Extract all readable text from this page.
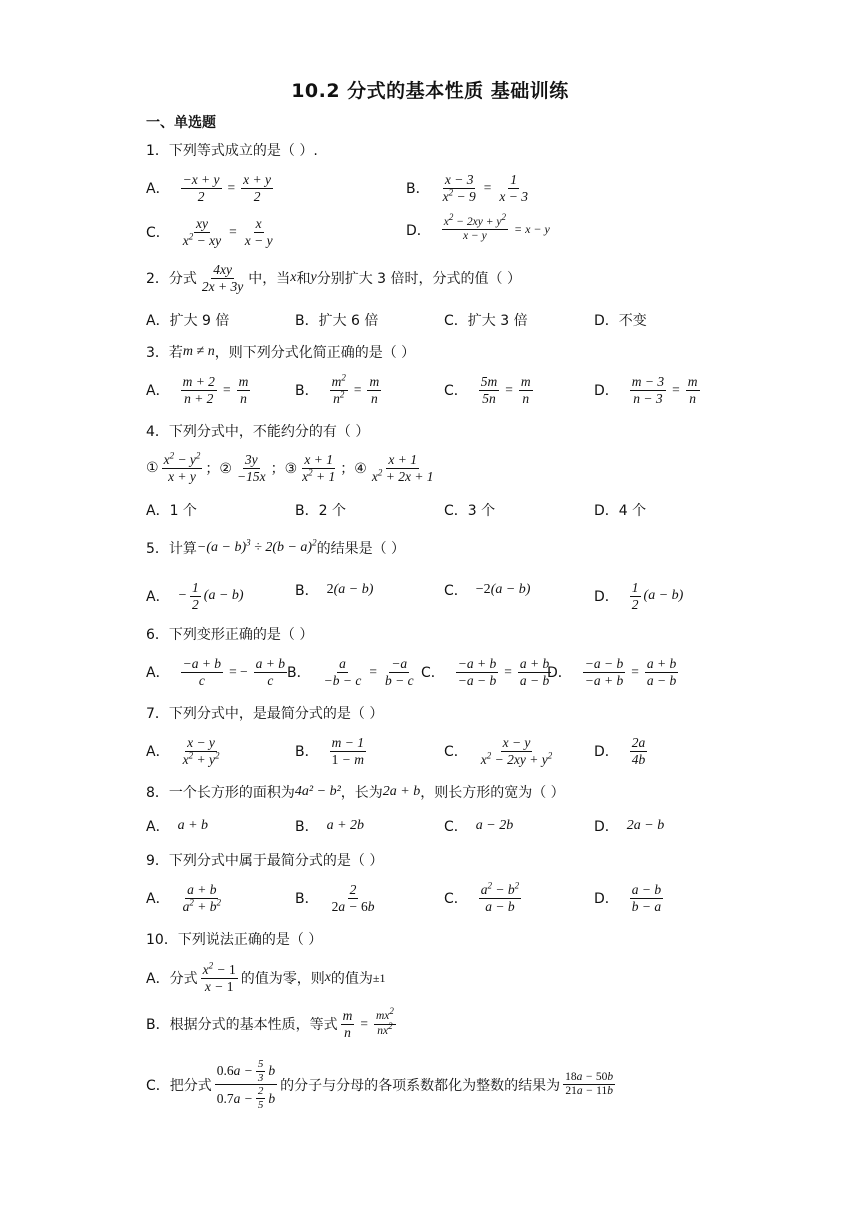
10.2 分式的基本性质 基础训练
一、单选题
1．下列等式成立的是（ ）.
A． $\frac{-x + y}{2} = \frac{x + y}{2}$	B． $\frac{x - 3}{x^2 - 9} = \frac{1}{x - 3}$
C． $\frac{xy}{x^2 - xy} = \frac{x}{x - y}$	D． $\frac{x^2 - 2xy + y^2}{x - y} = x - y$
2．分式 $\frac{4xy}{2x + 3y}$ 中，当 x 和 y 分别扩大 3 倍时，分式的值（ ）
A．扩大 9 倍	B．扩大 6 倍	C．扩大 3 倍	D．不变
3．若 m ≠ n ，则下列分式化简正确的是（ ）
A． $\frac{m + 2}{n + 2} = \frac{m}{n}$	B． $\frac{m^2}{n^2} = \frac{m}{n}$	C． $\frac{5m}{5n} = \frac{m}{n}$	D． $\frac{m - 3}{n - 3} = \frac{m}{n}$
4．下列分式中，不能约分的有（ ）
① $\frac{x^2 - y^2}{x + y}$ ；② $\frac{3y}{-15x}$ ；③ $\frac{x + 1}{x^2 + 1}$ ；④ $\frac{x + 1}{x^2 + 2x + 1}$
A．1 个	B．2 个	C．3 个	D．4 个
5．计算 $-(a - b)^3 \div 2(b - a)^2$ 的结果是（ ）
A． − $\frac{1}{2} (a - b)$	B． 2(a − b)	C． −2(a − b)	D． $\frac{1}{2} (a - b)$
6．下列变形正确的是（ ）
A． $\frac{-a + b}{c}$ = − $\frac{a + b}{c}$ B． $\frac{a}{-b - c} = \frac{-a}{b - c}$ C． $\frac{-a + b}{-a - b} = \frac{a + b}{a - b}$
D． $\frac{-a - b}{-a + b} = \frac{a + b}{a - b}$
7．下列分式中，是最简分式的是（ ）
A． $\frac{x - y}{x^2 + y^2}$	B． $\frac{m - 1}{1 - m}$	C． $\frac{x - y}{x^2 - 2xy + y^2}$	D． $\frac{2a}{4b}$
8．一个长方形的面积为 4a² − b² ，长为 2a + b ，则长方形的宽为（ ）
A． a + b	B． a + 2b	C． a − 2b	D． 2a − b
9．下列分式中属于最简分式的是（ ）
A． $\frac{a + b}{a^2 + b^2}$	B． $\frac{2}{2a - 6b}$	C． $\frac{a^2 - b^2}{a - b}$	D． $\frac{a - b}{b - a}$
10．下列说法正确的是（ ）
A．分式 $\frac{x^2 - 1}{x - 1}$ 的值为零，则 x 的值为 ±1
B．根据分式的基本性质，等式 $\frac{m}{n} = \frac{mx^2}{nx^2}$
C．把分式 $\frac{0.6 a - \frac{5}{3} b}{0.7 a - \frac{2}{5} b}$ 的分子与分母的各项系数都化为整数的结果为 $\frac{18a - 50b}{21a - 11b}$
